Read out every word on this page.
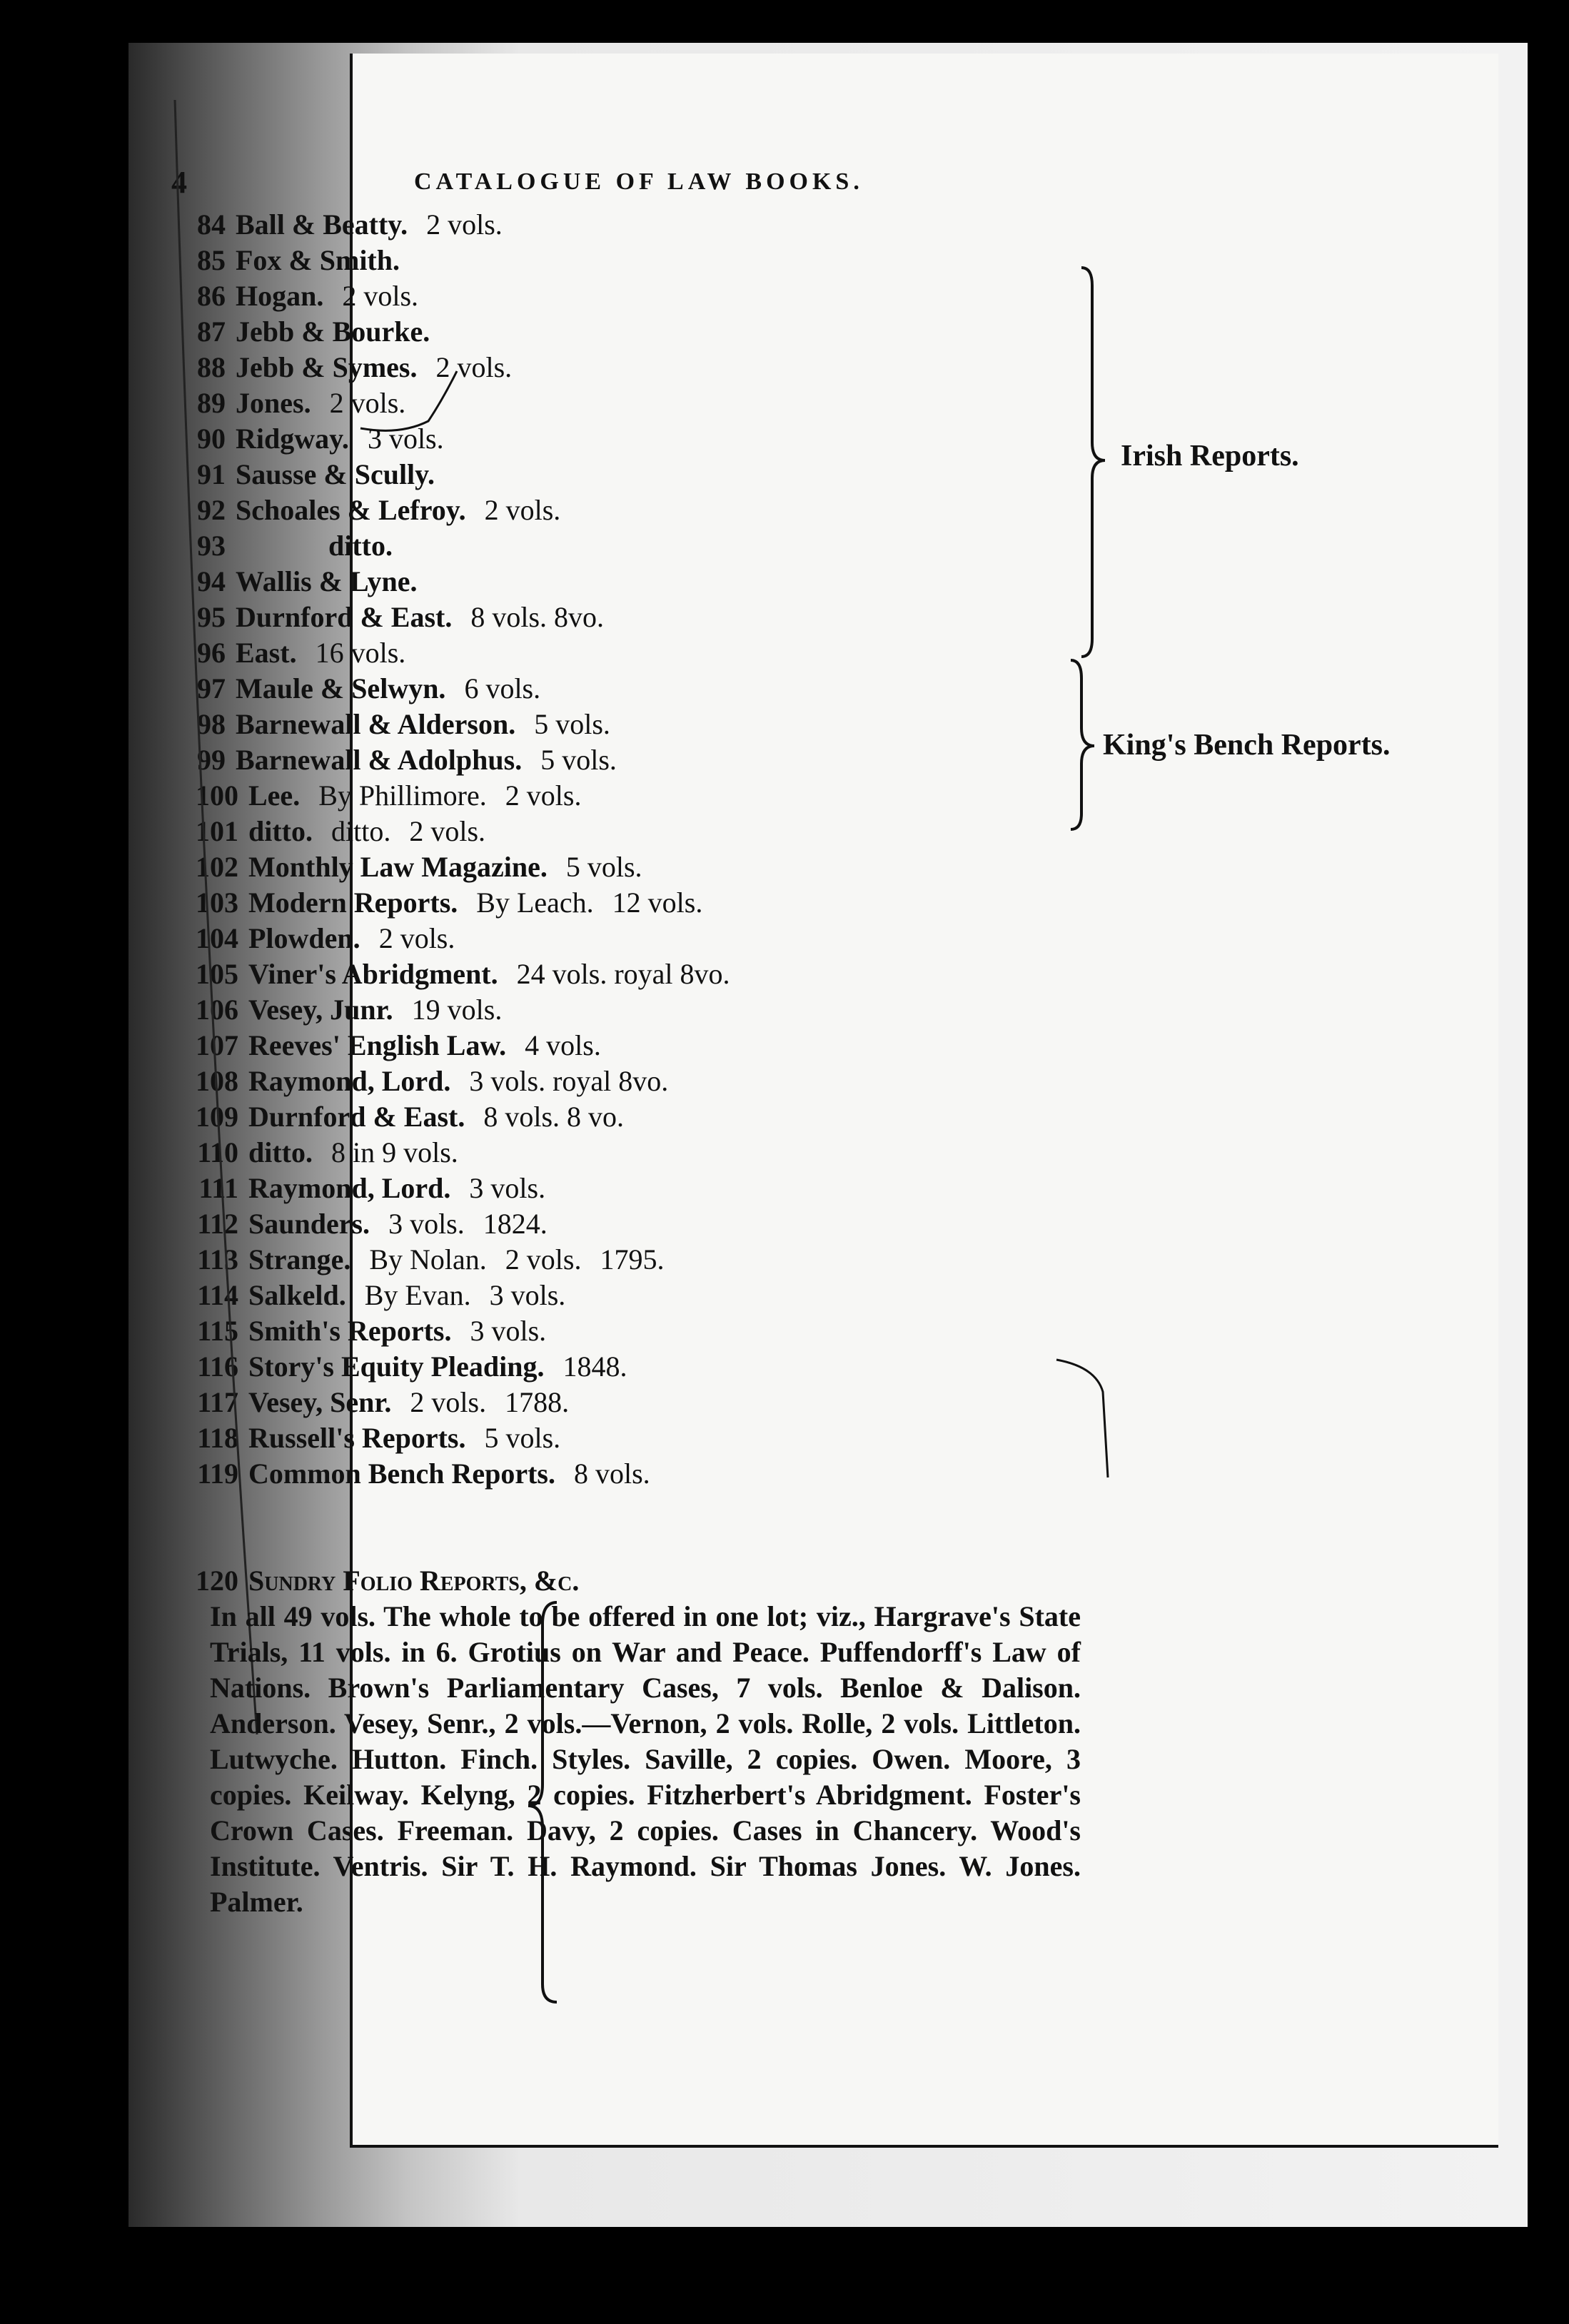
4	CATALOGUE OF LAW BOOKS.
84 Ball & Beatty. 2 vols.
85 Fox & Smith.
86 Hogan. 2 vols.
87 Jebb & Bourke.
88 Jebb & Symes. 2 vols.
89 Jones. 2 vols.
90 Ridgway. 3 vols.
91 Sausse & Scully.
92 Schoales & Lefroy. 2 vols.
93	ditto.
94 Wallis & Lyne.
95 Durnford & East. 8 vols. 8vo.
96 East. 16 vols.
97 Maule & Selwyn. 6 vols.
98 Barnewall & Alderson. 5 vols.
99 Barnewall & Adolphus. 5 vols.
100 Lee. By Phillimore. 2 vols.
101 ditto. ditto. 2 vols.
102 Monthly Law Magazine. 5 vols.
103 Modern Reports. By Leach. 12 vols.
104 Plowden. 2 vols.
105 Viner's Abridgment. 24 vols. royal 8vo.
106 Vesey, Junr. 19 vols.
107 Reeves' English Law. 4 vols.
108 Raymond, Lord. 3 vols. royal 8vo.
109 Durnford & East. 8 vols. 8 vo.
110 ditto. 8 in 9 vols.
111 Raymond, Lord. 3 vols.
112 Saunders. 3 vols. 1824.
113 Strange. By Nolan. 2 vols. 1795.
114 Salkeld. By Evan. 3 vols.
115 Smith's Reports. 3 vols.
116 Story's Equity Pleading. 1848.
117 Vesey, Senr. 2 vols. 1788.
118 Russell's Reports. 5 vols.
119 Common Bench Reports. 8 vols.
Irish Reports.
King's Bench Reports.
120 Sundry Folio Reports, &c.
In all 49 vols. The whole to be offered in one lot; viz., Hargrave's State Trials, 11 vols. in 6. Grotius on War and Peace. Puffendorff's Law of Nations. Brown's Parliamentary Cases, 7 vols. Benloe & Dalison. Anderson. Vesey, Senr., 2 vols.—Vernon, 2 vols. Rolle, 2 vols. Littleton. Lutwyche. Hutton. Finch. Styles. Saville, 2 copies. Owen. Moore, 3 copies. Keilway. Kelyng, 2 copies. Fitzherbert's Abridgment. Foster's Crown Cases. Freeman. Davy, 2 copies. Cases in Chancery. Wood's Institute. Ventris. Sir T. H. Raymond. Sir Thomas Jones. W. Jones. Palmer.
